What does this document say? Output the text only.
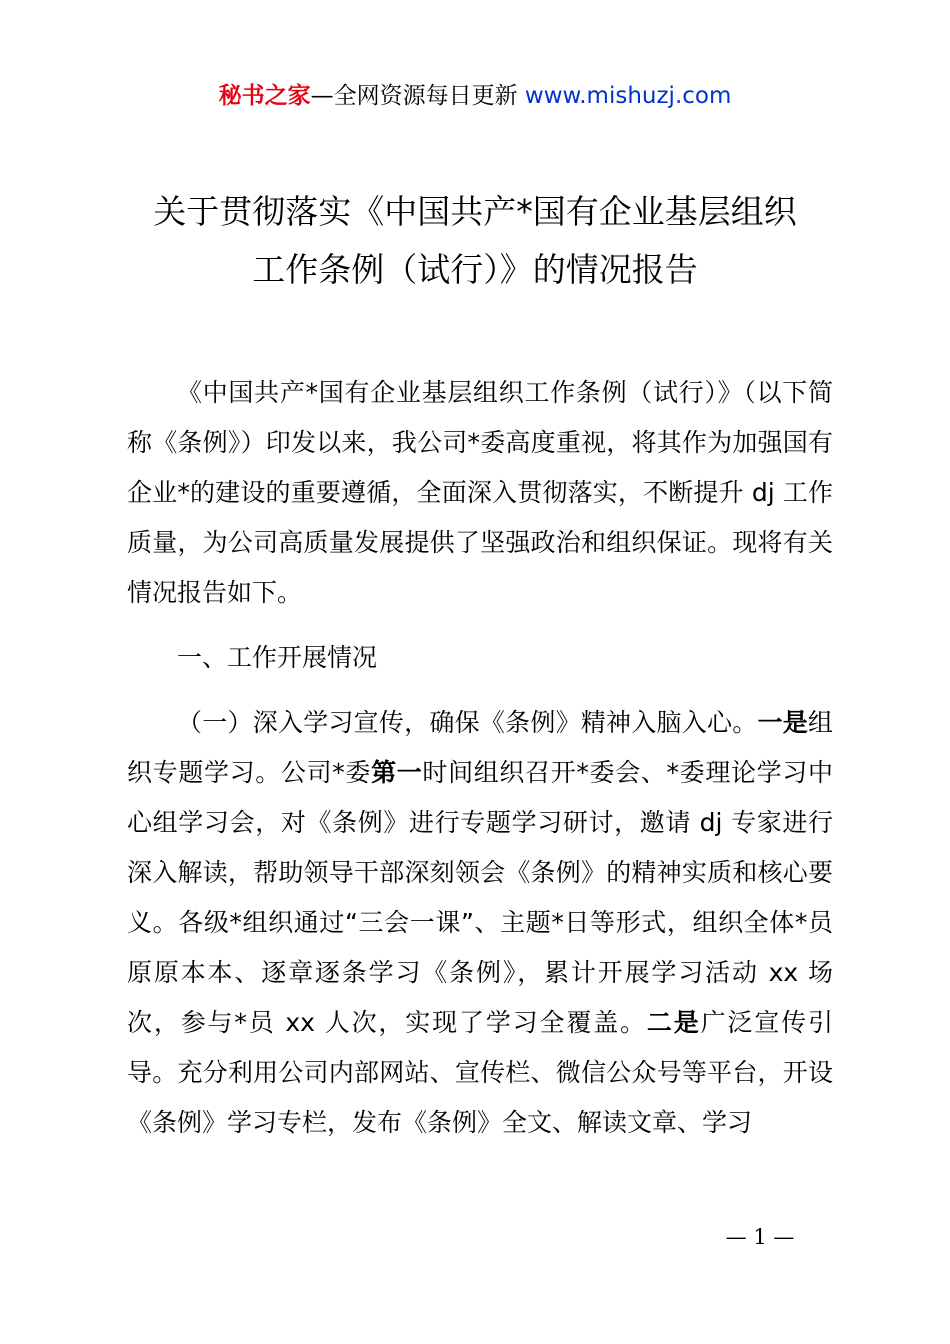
秘书之家—全网资源每日更新 www.mishuzj.com
关于贯彻落实《中国共产*国有企业基层组织
工作条例（试行）》的情况报告

《中国共产*国有企业基层组织工作条例（试行）》（以下简称《条例》）印发以来，我公司*委高度重视，将其作为加强国有企业*的建设的重要遵循，全面深入贯彻落实，不断提升 dj 工作质量，为公司高质量发展提供了坚强政治和组织保证。现将有关情况报告如下。

一、工作开展情况

（一）深入学习宣传，确保《条例》精神入脑入心。一是组织专题学习。公司*委第一时间组织召开*委会、*委理论学习中心组学习会，对《条例》进行专题学习研讨，邀请 dj 专家进行深入解读，帮助领导干部深刻领会《条例》的精神实质和核心要义。各级*组织通过“三会一课”、主题*日等形式，组织全体*员原原本本、逐章逐条学习《条例》，累计开展学习活动 xx 场次，参与*员 xx 人次，实现了学习全覆盖。二是广泛宣传引导。充分利用公司内部网站、宣传栏、微信公众号等平台，开设《条例》学习专栏，发布《条例》全文、解读文章、学习

— 1 —
